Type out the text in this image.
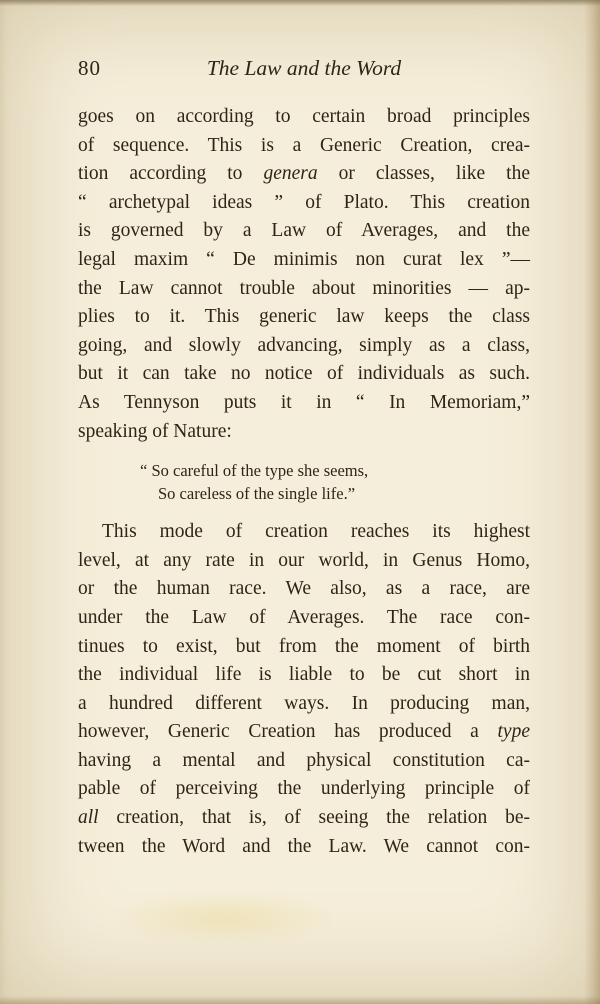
80	The Law and the Word
goes on according to certain broad principles
of sequence. This is a Generic Creation, crea-
tion according to genera or classes, like the
“ archetypal ideas ” of Plato. This creation
is governed by a Law of Averages, and the
legal maxim “ De minimis non curat lex ”—
the Law cannot trouble about minorities — ap-
plies to it. This generic law keeps the class
going, and slowly advancing, simply as a class,
but it can take no notice of individuals as such.
As Tennyson puts it in “ In Memoriam,”
speaking of Nature:
“ So careful of the type she seems,
So careless of the single life.”
This mode of creation reaches its highest
level, at any rate in our world, in Genus Homo,
or the human race. We also, as a race, are
under the Law of Averages. The race con-
tinues to exist, but from the moment of birth
the individual life is liable to be cut short in
a hundred different ways. In producing man,
however, Generic Creation has produced a type
having a mental and physical constitution ca-
pable of perceiving the underlying principle of
all creation, that is, of seeing the relation be-
tween the Word and the Law. We cannot con-
